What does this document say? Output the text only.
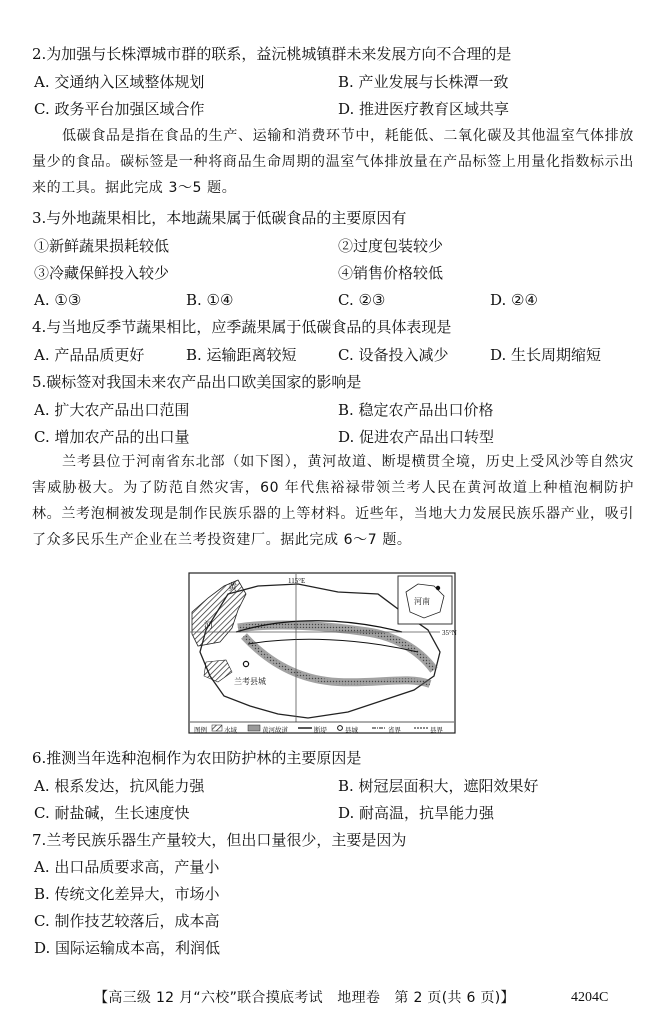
2.为加强与长株潭城市群的联系，益沅桃城镇群未来发展方向不合理的是
A. 交通纳入区域整体规划	B. 产业发展与长株潭一致
C. 政务平台加强区域合作	D. 推进医疗教育区域共享
低碳食品是指在食品的生产、运输和消费环节中，耗能低、二氧化碳及其他温室气体排放量少的食品。碳标签是一种将商品生命周期的温室气体排放量在产品标签上用量化指数标示出来的工具。据此完成 3～5 题。
3.与外地蔬果相比，本地蔬果属于低碳食品的主要原因有
①新鲜蔬果损耗较低	②过度包装较少
③冷藏保鲜投入较少	④销售价格较低
A. ①③	B. ①④	C. ②③	D. ②④
4.与当地反季节蔬果相比，应季蔬果属于低碳食品的具体表现是
A. 产品品质更好	B. 运输距离较短	C. 设备投入减少	D. 生长周期缩短
5.碳标签对我国未来农产品出口欧美国家的影响是
A. 扩大农产品出口范围	B. 稳定农产品出口价格
C. 增加农产品的出口量	D. 促进农产品出口转型
兰考县位于河南省东北部（如下图），黄河故道、断堤横贯全境，历史上受风沙等自然灾害威胁极大。为了防范自然灾害，60 年代焦裕禄带领兰考人民在黄河故道上种植泡桐防护林。兰考泡桐被发现是制作民族乐器的上等材料。近些年，当地大力发展民族乐器产业，吸引了众多民乐生产企业在兰考投资建厂。据此完成 6～7 题。
115°E
35°N
兰考县城
河南
黄
河
图例	水域	黄河故道	断堤	县城	省界	县界
6.推测当年选种泡桐作为农田防护林的主要原因是
A. 根系发达，抗风能力强	B. 树冠层面积大，遮阳效果好
C. 耐盐碱，生长速度快	D. 耐高温，抗旱能力强
7.兰考民族乐器生产量较大，但出口量很少，主要是因为
A. 出口品质要求高，产量小
B. 传统文化差异大，市场小
C. 制作技艺较落后，成本高
D. 国际运输成本高，利润低
【高三级 12 月“六校”联合摸底考试　地理卷　第 2 页(共 6 页)】	4204C
